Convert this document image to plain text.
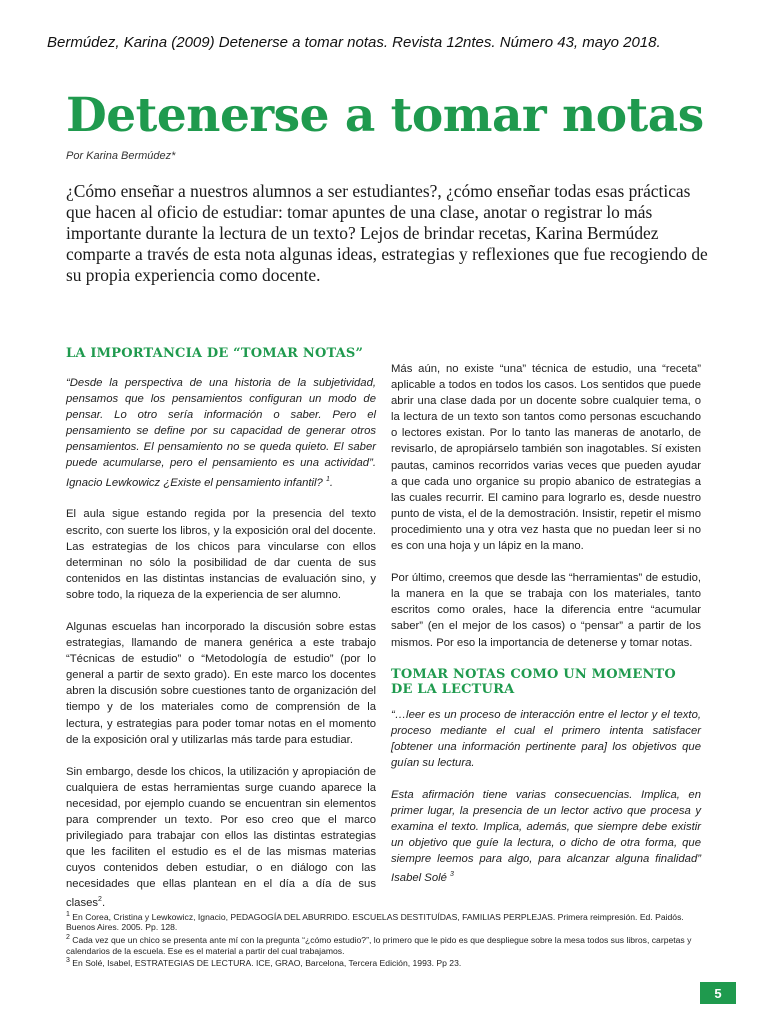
Bermúdez, Karina (2009) Detenerse a tomar notas. Revista 12ntes. Número 43, mayo 2018.
Detenerse a tomar notas
Por Karina Bermúdez*
¿Cómo enseñar a nuestros alumnos a ser estudiantes?, ¿cómo enseñar todas esas prácticas que hacen al oficio de estudiar: tomar apuntes de una clase, anotar o registrar lo más importante durante la lectura de un texto? Lejos de brindar recetas, Karina Bermúdez comparte a través de esta nota algunas ideas, estrategias y reflexiones que fue recogiendo de su propia experiencia como docente.
LA IMPORTANCIA DE “TOMAR NOTAS”

“Desde la perspectiva de una historia de la subjetividad, pensamos que los pensamientos configuran un modo de pensar. Lo otro sería información o saber. Pero el pensamiento se define por su capacidad de generar otros pensamientos. El pensamiento no se queda quieto. El saber puede acumularse, pero el pensamiento es una actividad”. Ignacio Lewkowicz ¿Existe el pensamiento infantil? $^1$.

El aula sigue estando regida por la presencia del texto escrito, con suerte los libros, y la exposición oral del docente. Las estrategias de los chicos para vincularse con ellos determinan no sólo la posibilidad de dar cuenta de sus contenidos en las distintas instancias de evaluación sino, y sobre todo, la riqueza de la experiencia de ser alumno.

Algunas escuelas han incorporado la discusión sobre estas estrategias, llamando de manera genérica a este trabajo “Técnicas de estudio” o “Metodología de estudio” (por lo general a partir de sexto grado). En este marco los docentes abren la discusión sobre cuestiones tanto de organización del tiempo y de los materiales como de comprensión de la lectura, y estrategias para poder tomar notas en el momento de la exposición oral y utilizarlas más tarde para estudiar.

Sin embargo, desde los chicos, la utilización y apropiación de cualquiera de estas herramientas surge cuando aparece la necesidad, por ejemplo cuando se encuentran sin elementos para comprender un texto. Por eso creo que el marco privilegiado para trabajar con ellos las distintas estrategias que les faciliten el estudio es el de las mismas materias cuyos contenidos deben estudiar, o en diálogo con las necesidades que ellas plantean en el día a día de sus clases$^2$.

Más aún, no existe “una” técnica de estudio, una “receta” aplicable a todos en todos los casos. Los sentidos que puede abrir una clase dada por un docente sobre cualquier tema, o la lectura de un texto son tantos como personas escuchando o lectores existan. Por lo tanto las maneras de anotarlo, de revisarlo, de apropiárselo también son inagotables. Sí existen pautas, caminos recorridos varias veces que pueden ayudar a que cada uno organice su propio abanico de estrategias a las cuales recurrir. El camino para lograrlo es, desde nuestro punto de vista, el de la demostración. Insistir, repetir el mismo procedimiento una y otra vez hasta que no puedan leer si no es con una hoja y un lápiz en la mano.

Por último, creemos que desde las “herramientas” de estudio, la manera en la que se trabaja con los materiales, tanto escritos como orales, hace la diferencia entre “acumular saber” (en el mejor de los casos) o “pensar” a partir de los mismos. Por eso la importancia de detenerse y tomar notas.

TOMAR NOTAS COMO UN MOMENTO DE LA LECTURA

“…leer es un proceso de interacción entre el lector y el texto, proceso mediante el cual el primero intenta satisfacer [obtener una información pertinente para] los objetivos que guían su lectura.

Esta afirmación tiene varias consecuencias. Implica, en primer lugar, la presencia de un lector activo que procesa y examina el texto. Implica, además, que siempre debe existir un objetivo que guíe la lectura, o dicho de otra forma, que siempre leemos para algo, para alcanzar alguna finalidad” Isabel Solé $^3$

$^1$ En Corea, Cristina y Lewkowicz, Ignacio, PEDAGOGÍA DEL ABURRIDO. ESCUELAS DESTITUÍDAS, FAMILIAS PERPLEJAS. Primera reimpresión. Ed. Paidós. Buenos Aires. 2005. Pp. 128.
$^2$ Cada vez que un chico se presenta ante mí con la pregunta “¿cómo estudio?”, lo primero que le pido es que despliegue sobre la mesa todos sus libros, carpetas y calendarios de la escuela. Ese es el material a partir del cual trabajamos.
$^3$ En Solé, Isabel, ESTRATEGIAS DE LECTURA. ICE, GRAO, Barcelona, Tercera Edición, 1993. Pp 23.
5
